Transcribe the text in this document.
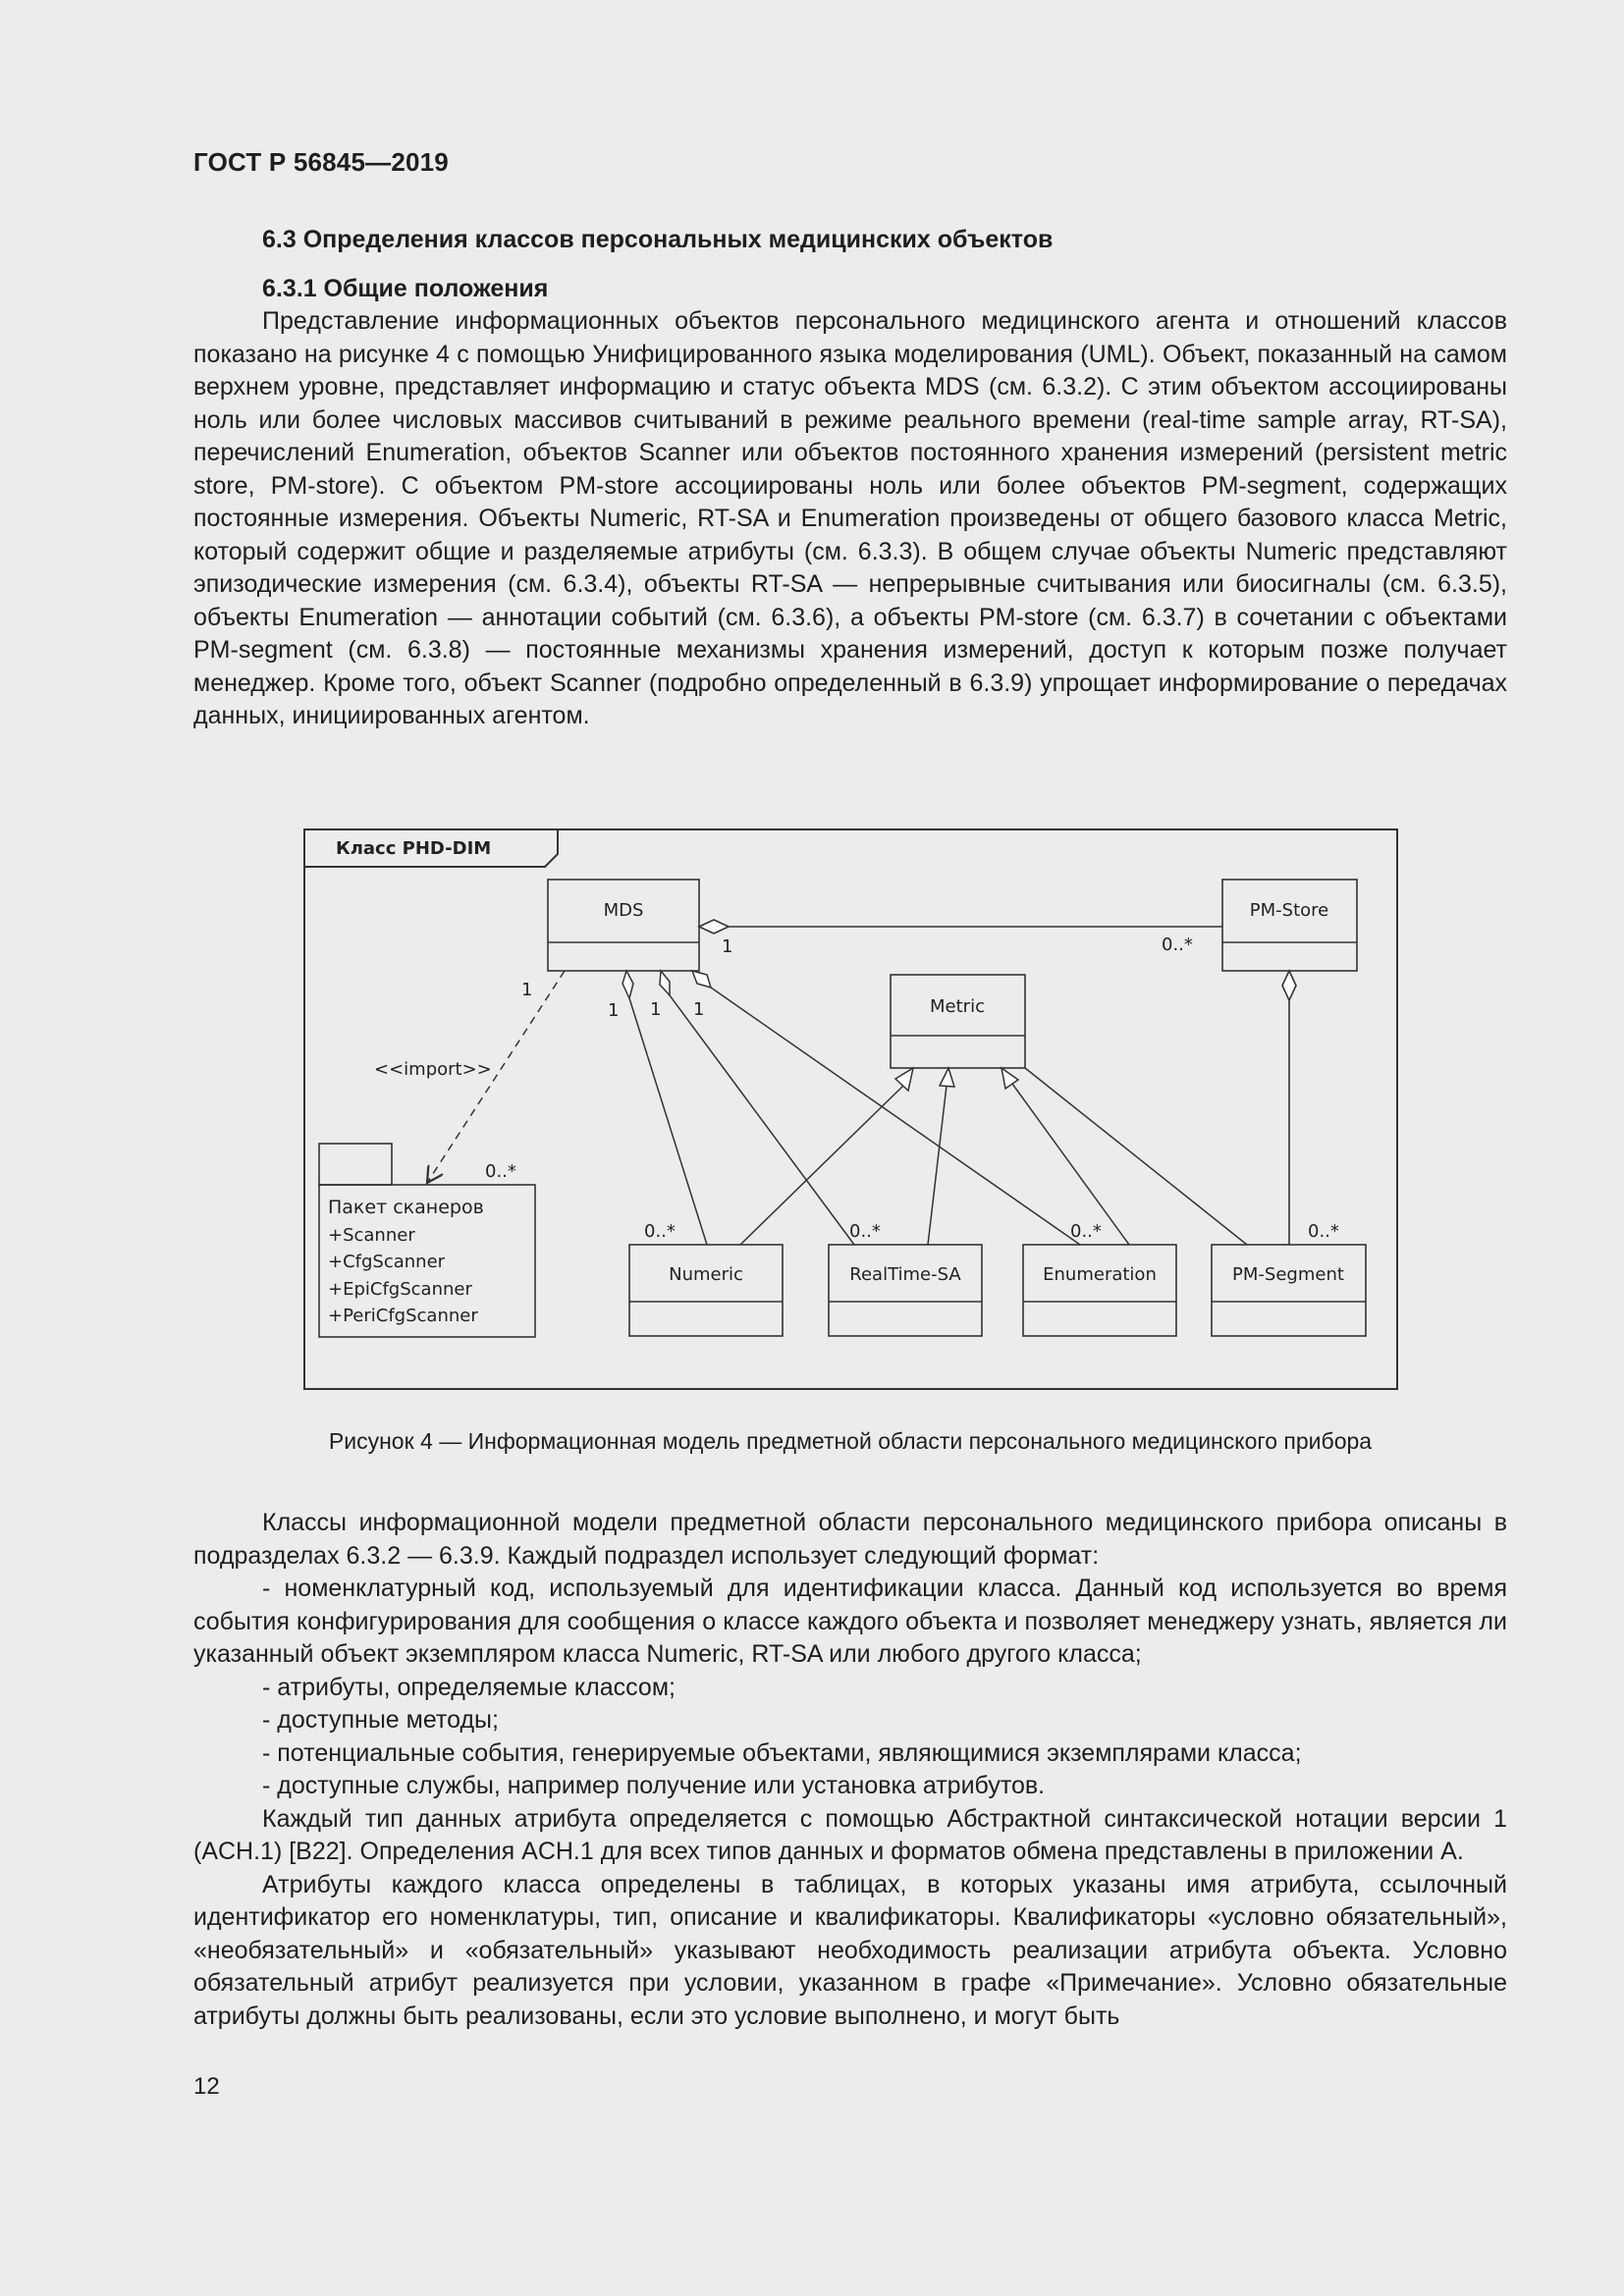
ГОСТ Р 56845—2019
6.3 Определения классов персональных медицинских объектов
6.3.1 Общие положения

Представление информационных объектов персонального медицинского агента и отношений классов показано на рисунке 4 с помощью Унифицированного языка моделирования (UML). Объект, показанный на самом верхнем уровне, представляет информацию и статус объекта MDS (см. 6.3.2). С этим объектом ассоциированы ноль или более числовых массивов считываний в режиме реального времени (real-time sample array, RT-SA), перечислений Enumeration, объектов Scanner или объектов постоянного хранения измерений (persistent metric store, PM-store). С объектом PM-store ассоциированы ноль или более объектов PM-segment, содержащих постоянные измерения. Объекты Numeric, RT-SA и Enumeration произведены от общего базового класса Metric, который содержит общие и разделяемые атрибуты (см. 6.3.3). В общем случае объекты Numeric представляют эпизодические измерения (см. 6.3.4), объекты RT-SA — непрерывные считывания или биосигналы (см. 6.3.5), объекты Enumeration — аннотации событий (см. 6.3.6), а объекты PM-store (см. 6.3.7) в сочетании с объектами PM-segment (см. 6.3.8) — постоянные механизмы хранения измерений, доступ к которым позже получает менеджер. Кроме того, объект Scanner (подробно определенный в 6.3.9) упрощает информирование о передачах данных, инициированных агентом.

Класс PHD-DIM
MDS	PM-Store
Metric
Numeric	RealTime-SA	Enumeration	PM-Segment
Пакет сканеров
+Scanner
+CfgScanner
+EpiCfgScanner
+PeriCfgScanner
1	0..*
0..*
1
<<import>>
0..*
1 1 1
0..*	0..*	0..*
Рисунок 4 — Информационная модель предметной области персонального медицинского прибора

Классы информационной модели предметной области персонального медицинского прибора описаны в подразделах 6.3.2 — 6.3.9. Каждый подраздел использует следующий формат:

- номенклатурный код, используемый для идентификации класса. Данный код используется во время события конфигурирования для сообщения о классе каждого объекта и позволяет менеджеру узнать, является ли указанный объект экземпляром класса Numeric, RT-SA или любого другого класса;

- атрибуты, определяемые классом;

- доступные методы;

- потенциальные события, генерируемые объектами, являющимися экземплярами класса;

- доступные службы, например получение или установка атрибутов.

Каждый тип данных атрибута определяется с помощью Абстрактной синтаксической нотации версии 1 (ACH.1) [B22]. Определения ACH.1 для всех типов данных и форматов обмена представлены в приложении А.

Атрибуты каждого класса определены в таблицах, в которых указаны имя атрибута, ссылочный идентификатор его номенклатуры, тип, описание и квалификаторы. Квалификаторы «условно обязательный», «необязательный» и «обязательный» указывают необходимость реализации атрибута объекта. Условно обязательный атрибут реализуется при условии, указанном в графе «Примечание». Условно обязательные атрибуты должны быть реализованы, если это условие выполнено, и могут быть

12
